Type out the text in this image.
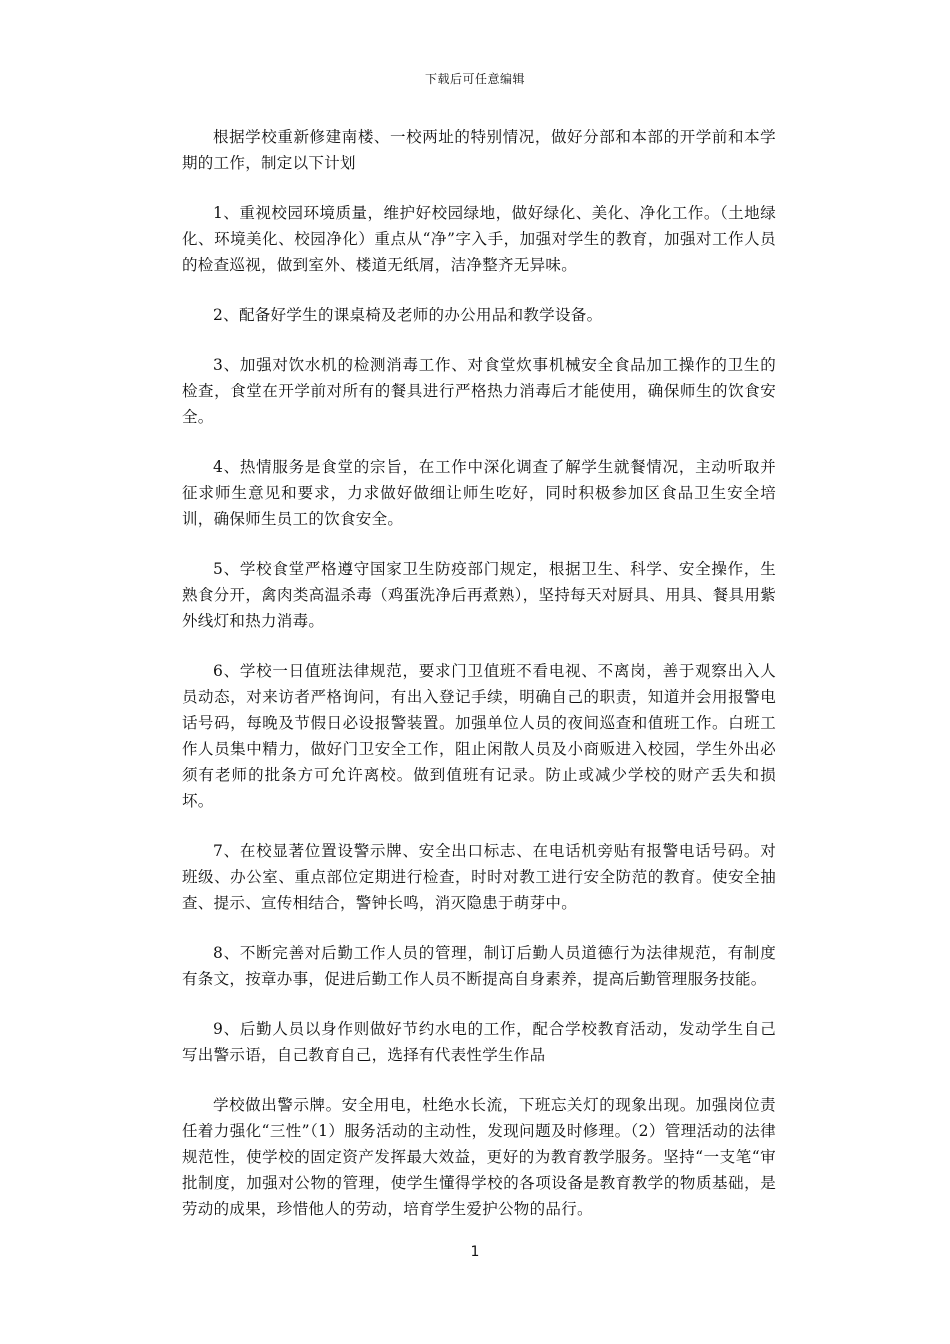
下载后可任意编辑

根据学校重新修建南楼、一校两址的特别情况，做好分部和本部的开学前和本学期的工作，制定以下计划

1、重视校园环境质量，维护好校园绿地，做好绿化、美化、净化工作。（土地绿化、环境美化、校园净化）重点从“净”字入手，加强对学生的教育，加强对工作人员的检查巡视，做到室外、楼道无纸屑，洁净整齐无异味。

2、配备好学生的课桌椅及老师的办公用品和教学设备。

3、加强对饮水机的检测消毒工作、对食堂炊事机械安全食品加工操作的卫生的检查，食堂在开学前对所有的餐具进行严格热力消毒后才能使用，确保师生的饮食安全。

4、热情服务是食堂的宗旨，在工作中深化调查了解学生就餐情况，主动听取并征求师生意见和要求，力求做好做细让师生吃好，同时积极参加区食品卫生安全培训，确保师生员工的饮食安全。

5、学校食堂严格遵守国家卫生防疫部门规定，根据卫生、科学、安全操作，生熟食分开，禽肉类高温杀毒（鸡蛋洗净后再煮熟），坚持每天对厨具、用具、餐具用紫外线灯和热力消毒。

6、学校一日值班法律规范，要求门卫值班不看电视、不离岗，善于观察出入人员动态，对来访者严格询问，有出入登记手续，明确自己的职责，知道并会用报警电话号码，每晚及节假日必设报警装置。加强单位人员的夜间巡查和值班工作。白班工作人员集中精力，做好门卫安全工作，阻止闲散人员及小商贩进入校园，学生外出必须有老师的批条方可允许离校。做到值班有记录。防止或减少学校的财产丢失和损坏。

7、在校显著位置设警示牌、安全出口标志、在电话机旁贴有报警电话号码。对班级、办公室、重点部位定期进行检查，时时对教工进行安全防范的教育。使安全抽查、提示、宣传相结合，警钟长鸣，消灭隐患于萌芽中。

8、不断完善对后勤工作人员的管理，制订后勤人员道德行为法律规范，有制度有条文，按章办事，促进后勤工作人员不断提高自身素养，提高后勤管理服务技能。

9、后勤人员以身作则做好节约水电的工作，配合学校教育活动，发动学生自己写出警示语，自己教育自己，选择有代表性学生作品

学校做出警示牌。安全用电，杜绝水长流，下班忘关灯的现象出现。加强岗位责任着力强化“三性”（1）服务活动的主动性，发现问题及时修理。（2）管理活动的法律规范性，使学校的固定资产发挥最大效益，更好的为教育教学服务。坚持“一支笔“审批制度，加强对公物的管理，使学生懂得学校的各项设备是教育教学的物质基础，是劳动的成果，珍惜他人的劳动，培育学生爱护公物的品行。

1
